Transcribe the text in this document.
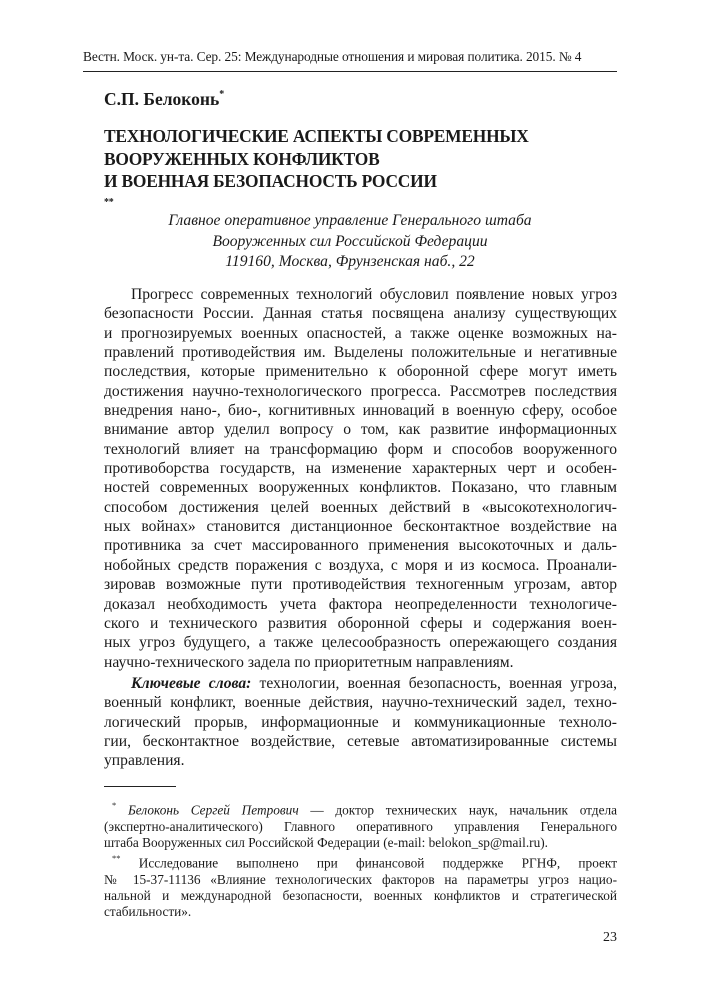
Вестн. Моск. ун-та. Сер. 25: Международные отношения и мировая политика. 2015. № 4
С.П. Белоконь*
ТЕХНОЛОГИЧЕСКИЕ АСПЕКТЫ СОВРЕМЕННЫХ
ВООРУЖЕННЫХ КОНФЛИКТОВ
И ВОЕННАЯ БЕЗОПАСНОСТЬ РОССИИ
**
Главное оперативное управление Генерального штаба
Вооруженных сил Российской Федерации
119160, Москва, Фрунзенская наб., 22
Прогресс современных технологий обусловил появление новых угроз
безопасности России. Данная статья посвящена анализу существующих
и прогнозируемых военных опасностей, а также оценке возможных на-
правлений противодействия им. Выделены положительные и негативные
последствия, которые применительно к оборонной сфере могут иметь
достижения научно-технологического прогресса. Рассмотрев последствия
внедрения нано-, био-, когнитивных инноваций в военную сферу, особое
внимание автор уделил вопросу о том, как развитие информационных
технологий влияет на трансформацию форм и способов вооруженного
противоборства государств, на изменение характерных черт и особен-
ностей современных вооруженных конфликтов. Показано, что главным
способом достижения целей военных действий в «высокотехнологич-
ных войнах» становится дистанционное бесконтактное воздействие на
противника за счет массированного применения высокоточных и даль-
нобойных средств поражения с воздуха, с моря и из космоса. Проанали-
зировав возможные пути противодействия техногенным угрозам, автор
доказал необходимость учета фактора неопределенности технологиче-
ского и технического развития оборонной сферы и содержания воен-
ных угроз будущего, а также целесообразность опережающего создания
научно-технического задела по приоритетным направлениям.
Ключевые слова: технологии, военная безопасность, военная угроза,
военный конфликт, военные действия, научно-технический задел, техно-
логический прорыв, информационные и коммуникационные техноло-
гии, бесконтактное воздействие, сетевые автоматизированные системы
управления.
* Белоконь Сергей Петрович — доктор технических наук, начальник отдела
(экспертно-аналитического) Главного оперативного управления Генерального
штаба Вооруженных сил Российской Федерации (e-mail: belokon_sp@mail.ru).
** Исследование выполнено при финансовой поддержке РГНФ, проект
№ 15-37-11136 «Влияние технологических факторов на параметры угроз нацио-
нальной и международной безопасности, военных конфликтов и стратегической
стабильности».
23
